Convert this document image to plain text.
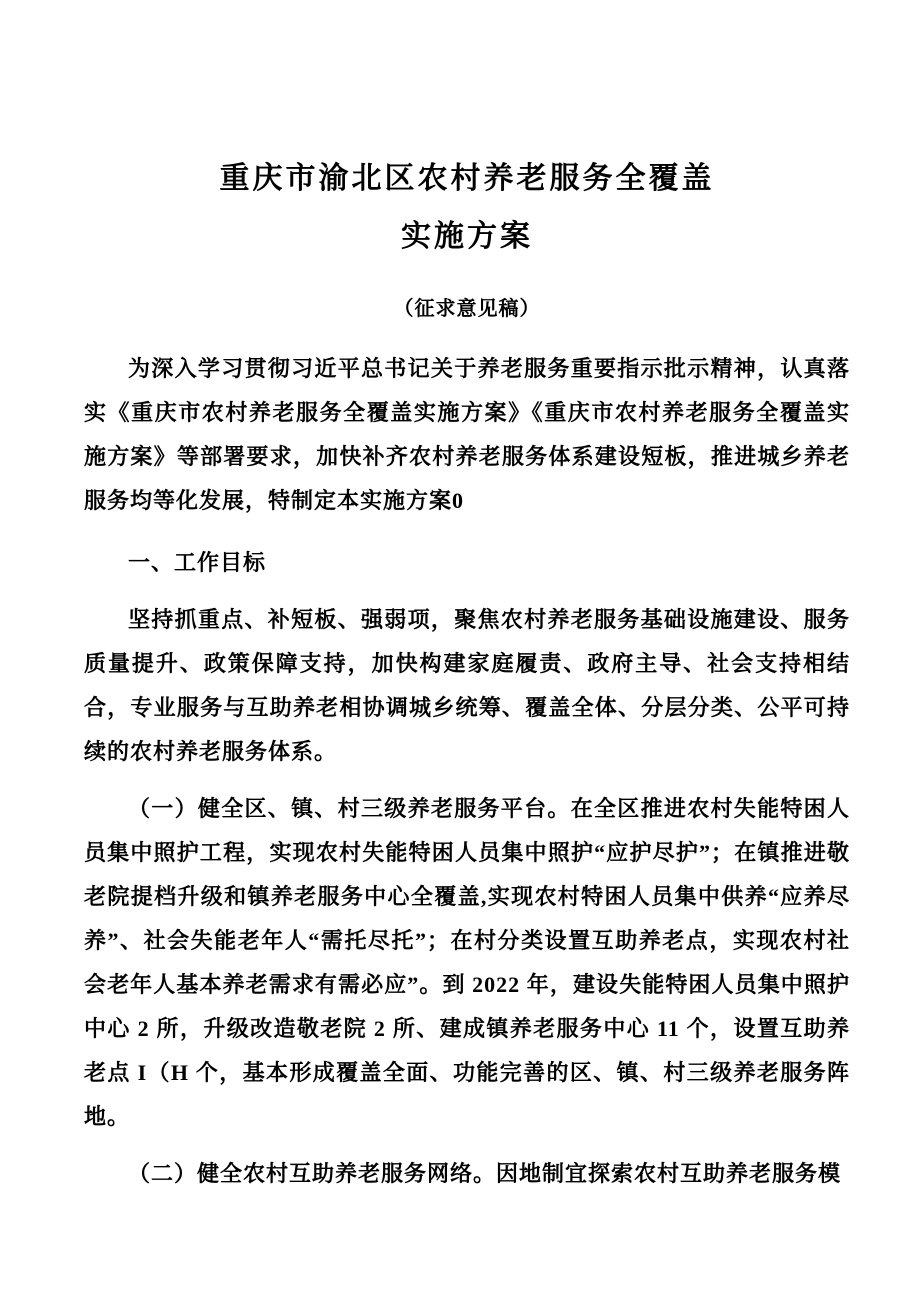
重庆市渝北区农村养老服务全覆盖
实施方案
（征求意见稿）

为深入学习贯彻习近平总书记关于养老服务重要指示批示精神，认真落实《重庆市农村养老服务全覆盖实施方案》《重庆市农村养老服务全覆盖实施方案》等部署要求，加快补齐农村养老服务体系建设短板，推进城乡养老服务均等化发展，特制定本实施方案0

一、工作目标

坚持抓重点、补短板、强弱项，聚焦农村养老服务基础设施建设、服务质量提升、政策保障支持，加快构建家庭履责、政府主导、社会支持相结合，专业服务与互助养老相协调城乡统筹、覆盖全体、分层分类、公平可持续的农村养老服务体系。

（一）健全区、镇、村三级养老服务平台。在全区推进农村失能特困人员集中照护工程，实现农村失能特困人员集中照护“应护尽护”；在镇推进敬老院提档升级和镇养老服务中心全覆盖,实现农村特困人员集中供养“应养尽养”、社会失能老年人“需托尽托”；在村分类设置互助养老点，实现农村社会老年人基本养老需求有需必应”。到 2022 年，建设失能特困人员集中照护中心 2 所，升级改造敬老院 2 所、建成镇养老服务中心 11 个，设置互助养老点 I（H 个，基本形成覆盖全面、功能完善的区、镇、村三级养老服务阵地。

（二）健全农村互助养老服务网络。因地制宜探索农村互助养老服务模
